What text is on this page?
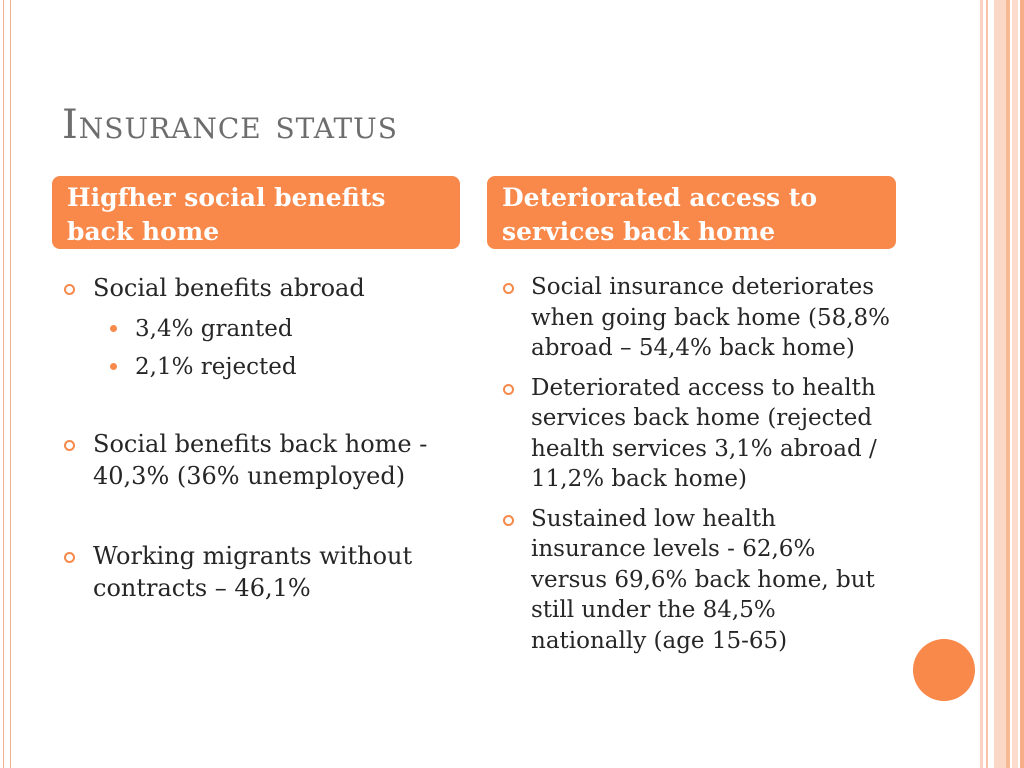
Insurance status
Higfher social benefits back home
Deteriorated access to services back home
Social benefits abroad
3,4% granted
2,1% rejected
Social benefits back home - 40,3% (36% unemployed)
Working migrants without contracts – 46,1%
Social insurance deteriorates when going back home (58,8% abroad – 54,4% back home)
Deteriorated access to health services back home (rejected health services 3,1% abroad / 11,2% back home)
Sustained low health insurance levels - 62,6% versus 69,6% back home, but still under the 84,5% nationally (age 15-65)
